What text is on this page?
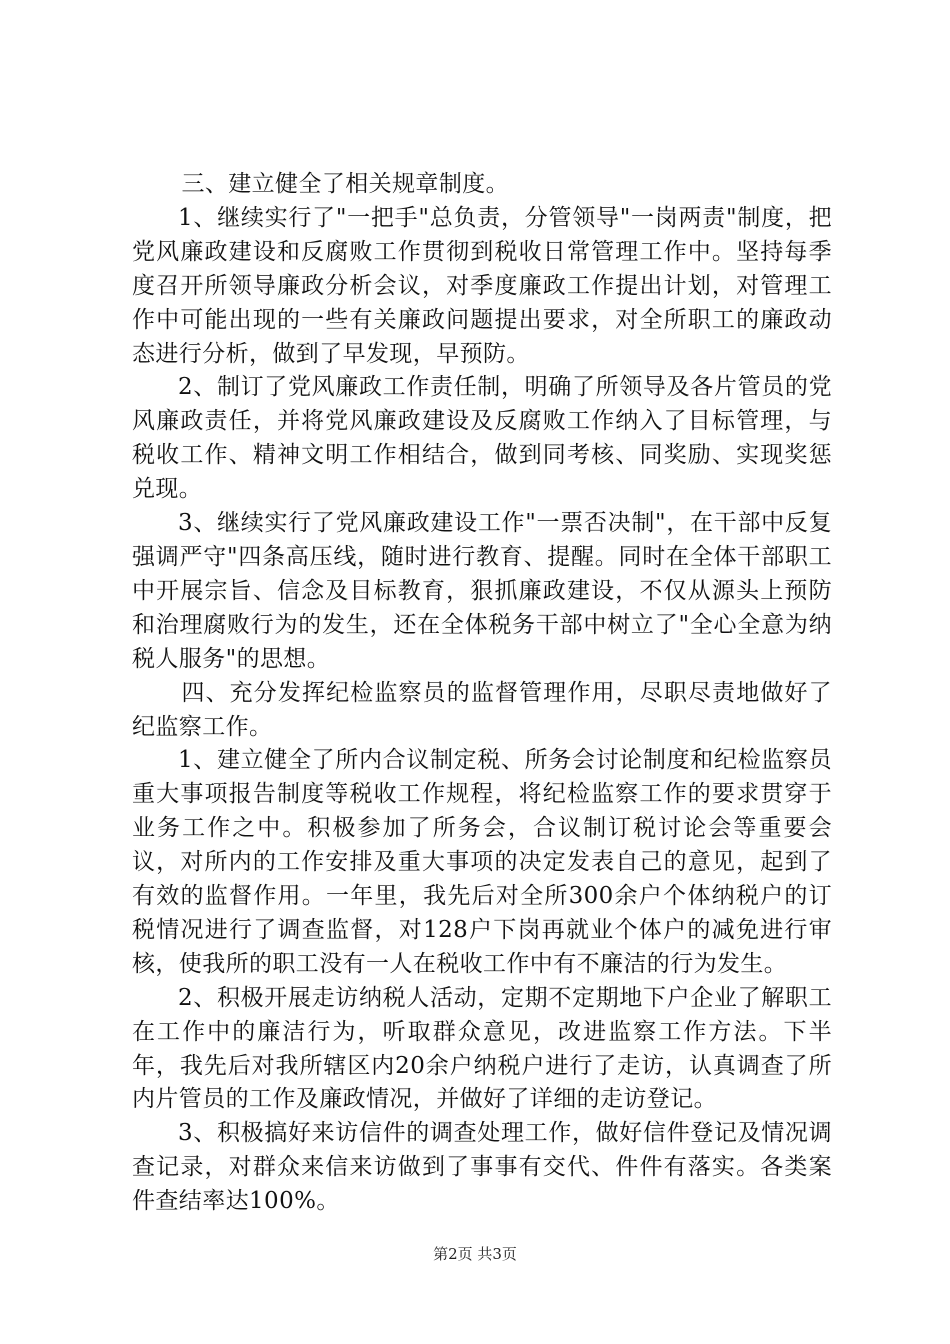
三、建立健全了相关规章制度。

1、继续实行了"一把手"总负责，分管领导"一岗两责"制度，把党风廉政建设和反腐败工作贯彻到税收日常管理工作中。坚持每季度召开所领导廉政分析会议，对季度廉政工作提出计划，对管理工作中可能出现的一些有关廉政问题提出要求，对全所职工的廉政动态进行分析，做到了早发现，早预防。

2、制订了党风廉政工作责任制，明确了所领导及各片管员的党风廉政责任，并将党风廉政建设及反腐败工作纳入了目标管理，与税收工作、精神文明工作相结合，做到同考核、同奖励、实现奖惩兑现。

3、继续实行了党风廉政建设工作"一票否决制"，在干部中反复强调严守"四条高压线，随时进行教育、提醒。同时在全体干部职工中开展宗旨、信念及目标教育，狠抓廉政建设，不仅从源头上预防和治理腐败行为的发生，还在全体税务干部中树立了"全心全意为纳税人服务"的思想。

四、充分发挥纪检监察员的监督管理作用，尽职尽责地做好了纪监察工作。

1、建立健全了所内合议制定税、所务会讨论制度和纪检监察员重大事项报告制度等税收工作规程，将纪检监察工作的要求贯穿于业务工作之中。积极参加了所务会，合议制订税讨论会等重要会议，对所内的工作安排及重大事项的决定发表自己的意见，起到了有效的监督作用。一年里，我先后对全所300余户个体纳税户的订税情况进行了调查监督，对128户下岗再就业个体户的减免进行审核，使我所的职工没有一人在税收工作中有不廉洁的行为发生。

2、积极开展走访纳税人活动，定期不定期地下户企业了解职工在工作中的廉洁行为，听取群众意见，改进监察工作方法。下半年，我先后对我所辖区内20余户纳税户进行了走访，认真调查了所内片管员的工作及廉政情况，并做好了详细的走访登记。

3、积极搞好来访信件的调查处理工作，做好信件登记及情况调查记录，对群众来信来访做到了事事有交代、件件有落实。各类案件查结率达100%。

第2页 共3页
